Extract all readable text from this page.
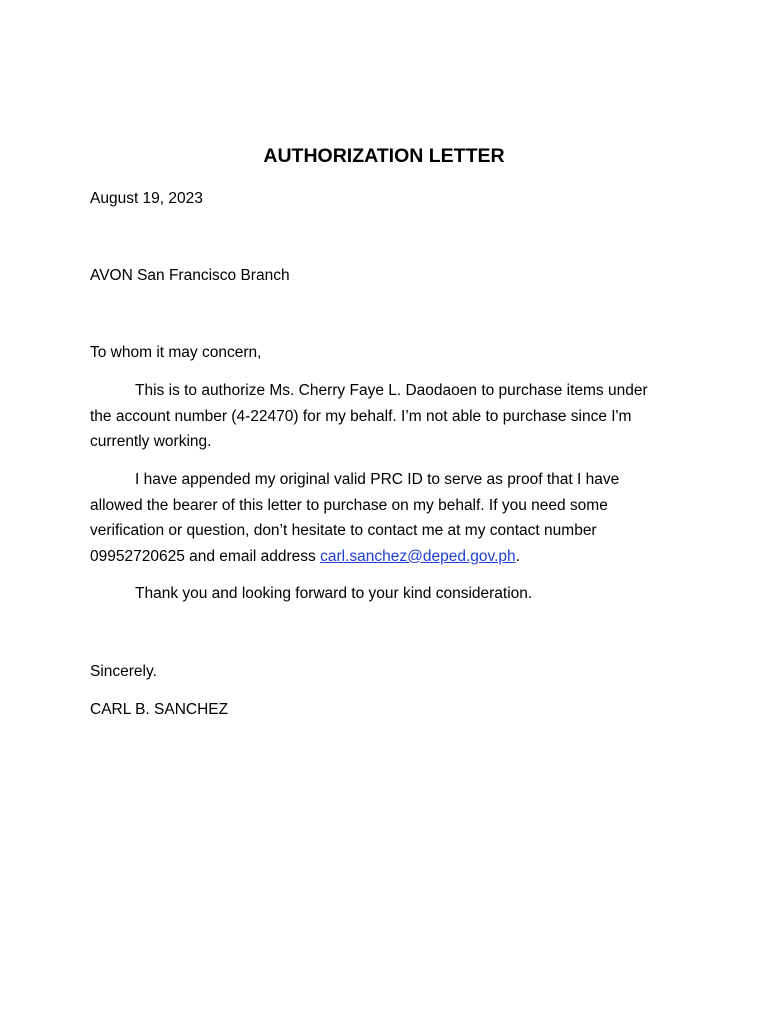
AUTHORIZATION LETTER
August 19, 2023
AVON San Francisco Branch
To whom it may concern,
This is to authorize Ms. Cherry Faye L. Daodaoen to purchase items under
the account number (4-22470) for my behalf. I’m not able to purchase since I'm
currently working.
I have appended my original valid PRC ID to serve as proof that I have
allowed the bearer of this letter to purchase on my behalf. If you need some
verification or question, don’t hesitate to contact me at my contact number
09952720625 and email address carl.sanchez@deped.gov.ph.
Thank you and looking forward to your kind consideration.
Sincerely.
CARL B. SANCHEZ
